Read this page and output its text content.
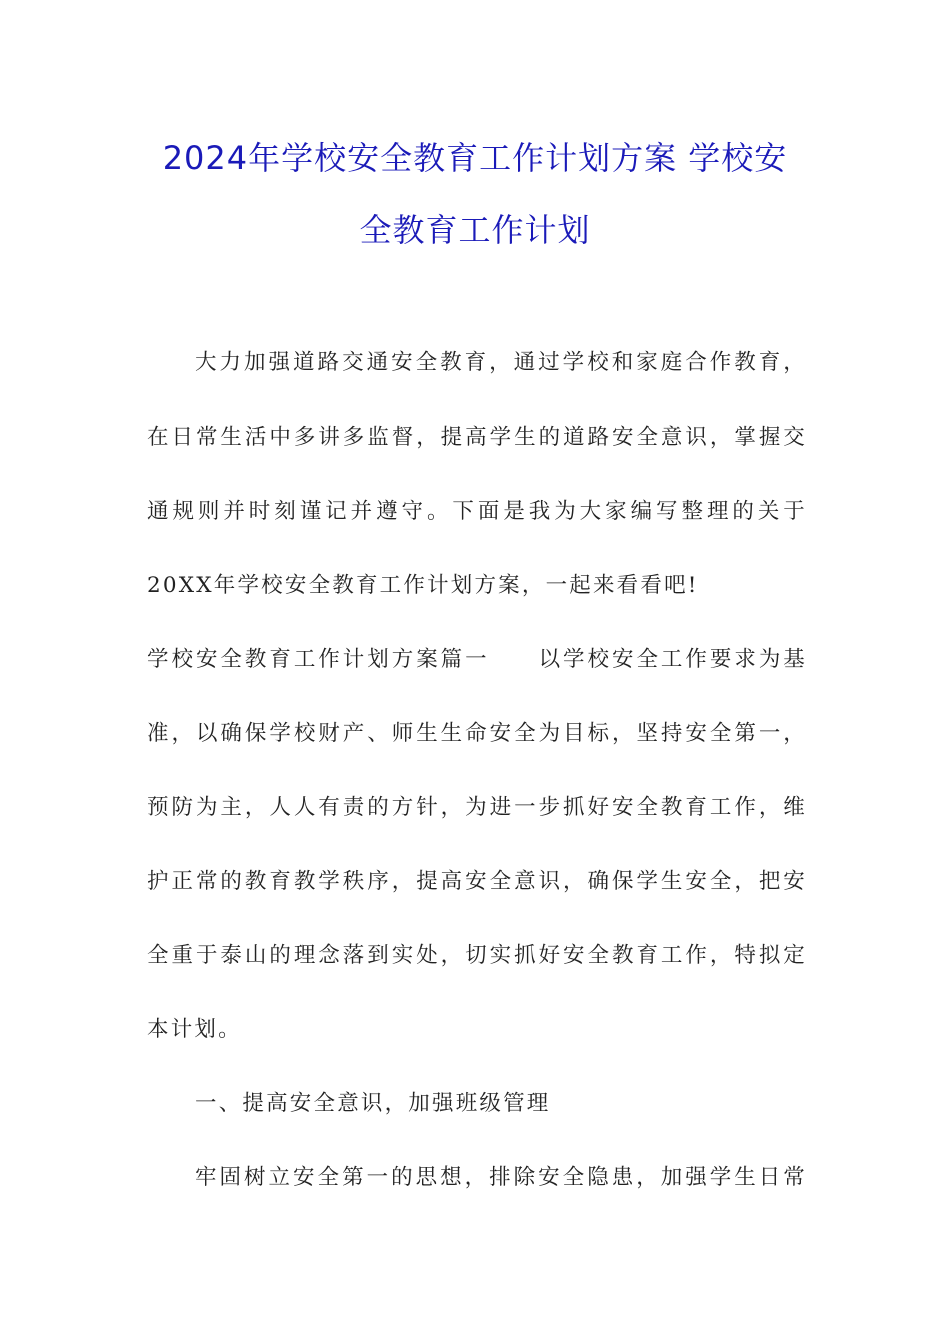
2024年学校安全教育工作计划方案 学校安
全教育工作计划
大力加强道路交通安全教育，通过学校和家庭合作教育，
在日常生活中多讲多监督，提高学生的道路安全意识，掌握交
通规则并时刻谨记并遵守。下面是我为大家编写整理的关于
20XX年学校安全教育工作计划方案，一起来看看吧!
学校安全教育工作计划方案篇一　　以学校安全工作要求为基
准，以确保学校财产、师生生命安全为目标，坚持安全第一，
预防为主，人人有责的方针，为进一步抓好安全教育工作，维
护正常的教育教学秩序，提高安全意识，确保学生安全，把安
全重于泰山的理念落到实处，切实抓好安全教育工作，特拟定
本计划。
一、提高安全意识，加强班级管理
牢固树立安全第一的思想，排除安全隐患，加强学生日常
